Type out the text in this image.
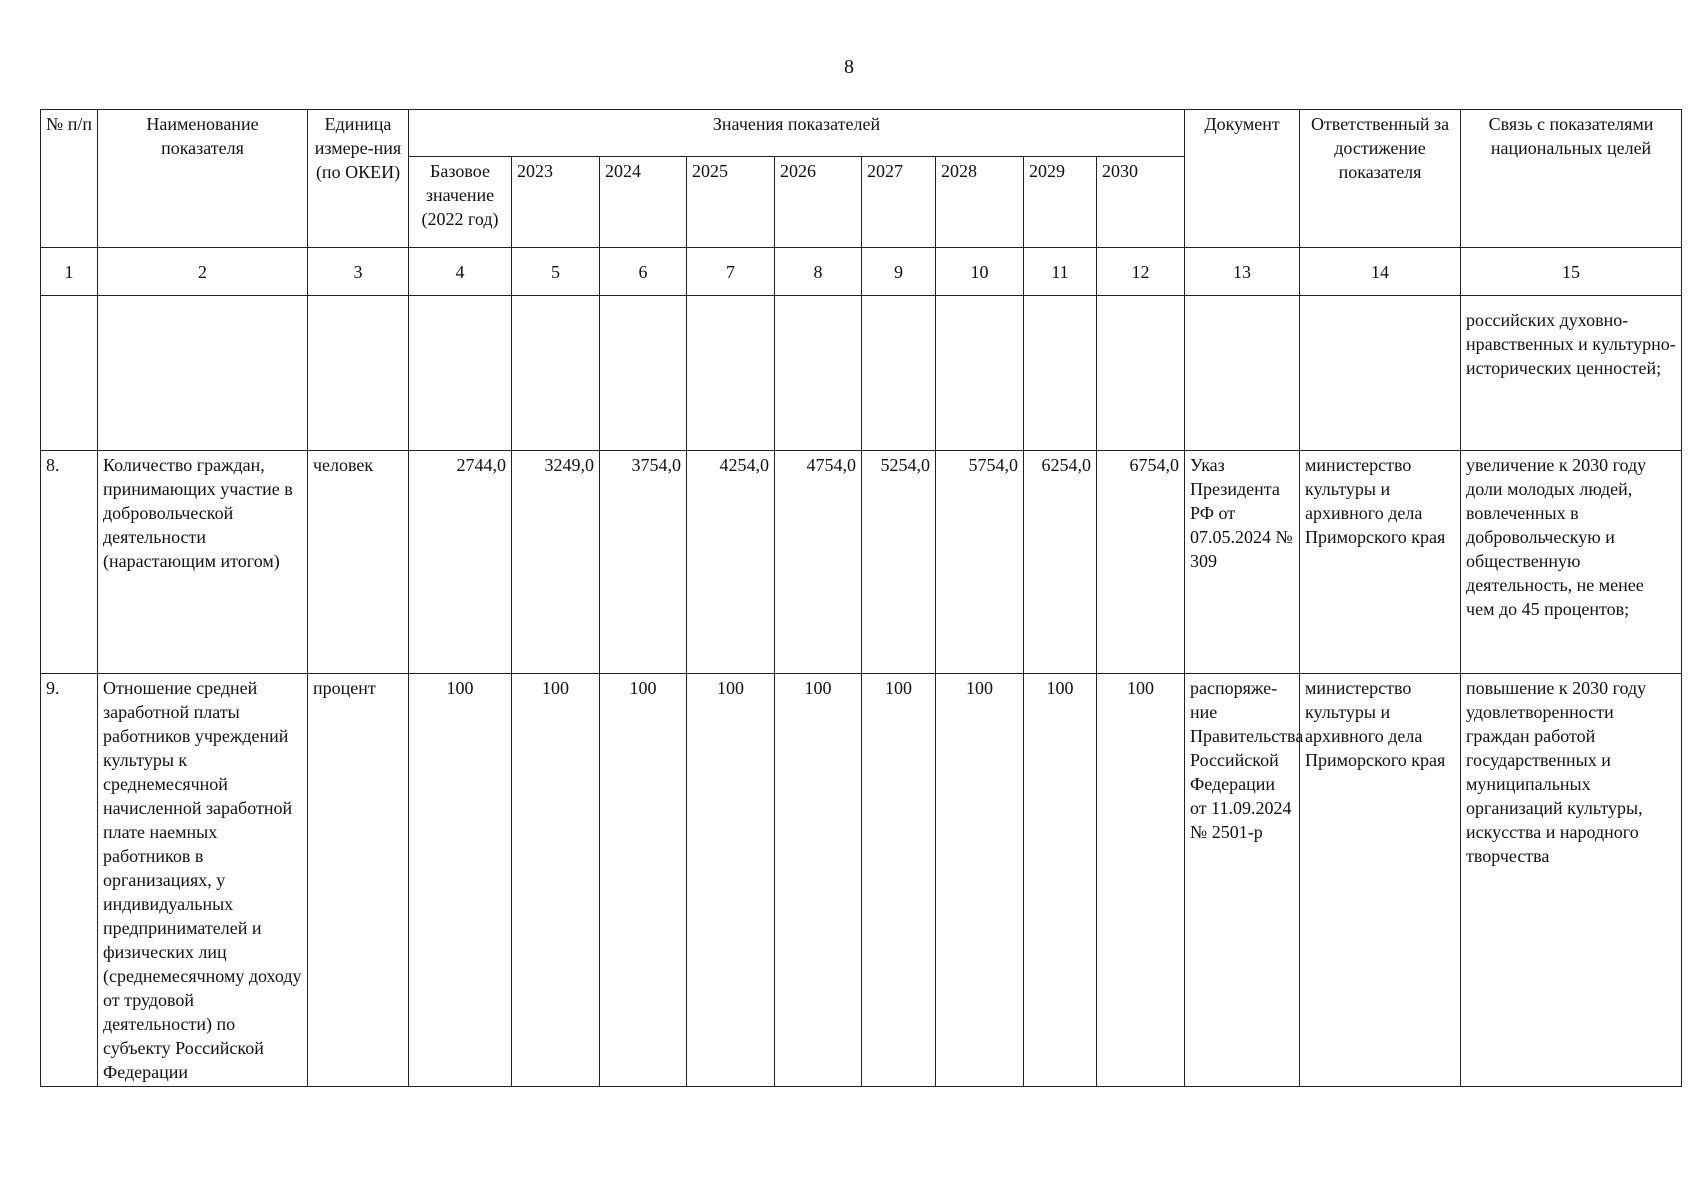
8
№ п/п	Наименование показателя	Единица измере-ния (по ОКЕИ)	Значения показателей									Документ	Ответственный за достижение показателя	Связь с показателями национальных целей
			Базовое значение (2022 год)	2023	2024	2025	2026	2027	2028	2029	2030			
1	2	3	4	5	6	7	8	9	10	11	12	13	14	15
														российских духовно-нравственных и культурно-исторических ценностей;
8.	Количество граждан, принимающих участие в добровольческой деятельности (нарастающим итогом)	человек	2744,0	3249,0	3754,0	4254,0	4754,0	5254,0	5754,0	6254,0	6754,0	Указ Президента РФ от 07.05.2024 № 309	министерство культуры и архивного дела Приморского края	увеличение к 2030 году доли молодых людей, вовлеченных в добровольческую и общественную деятельность, не менее чем до 45 процентов;
9.	Отношение средней заработной платы работников учреждений культуры к среднемесячной начисленной заработной плате наемных работников в организациях, у индивидуальных предпринимателей и физических лиц (среднемесячному доходу от трудовой деятельности) по субъекту Российской Федерации	процент	100	100	100	100	100	100	100	100	100	распоряже-ние Правительства Российской Федерации от 11.09.2024 № 2501-р	министерство культуры и архивного дела Приморского края	повышение к 2030 году удовлетворенности граждан работой государственных и муниципальных организаций культуры, искусства и народного творчества
